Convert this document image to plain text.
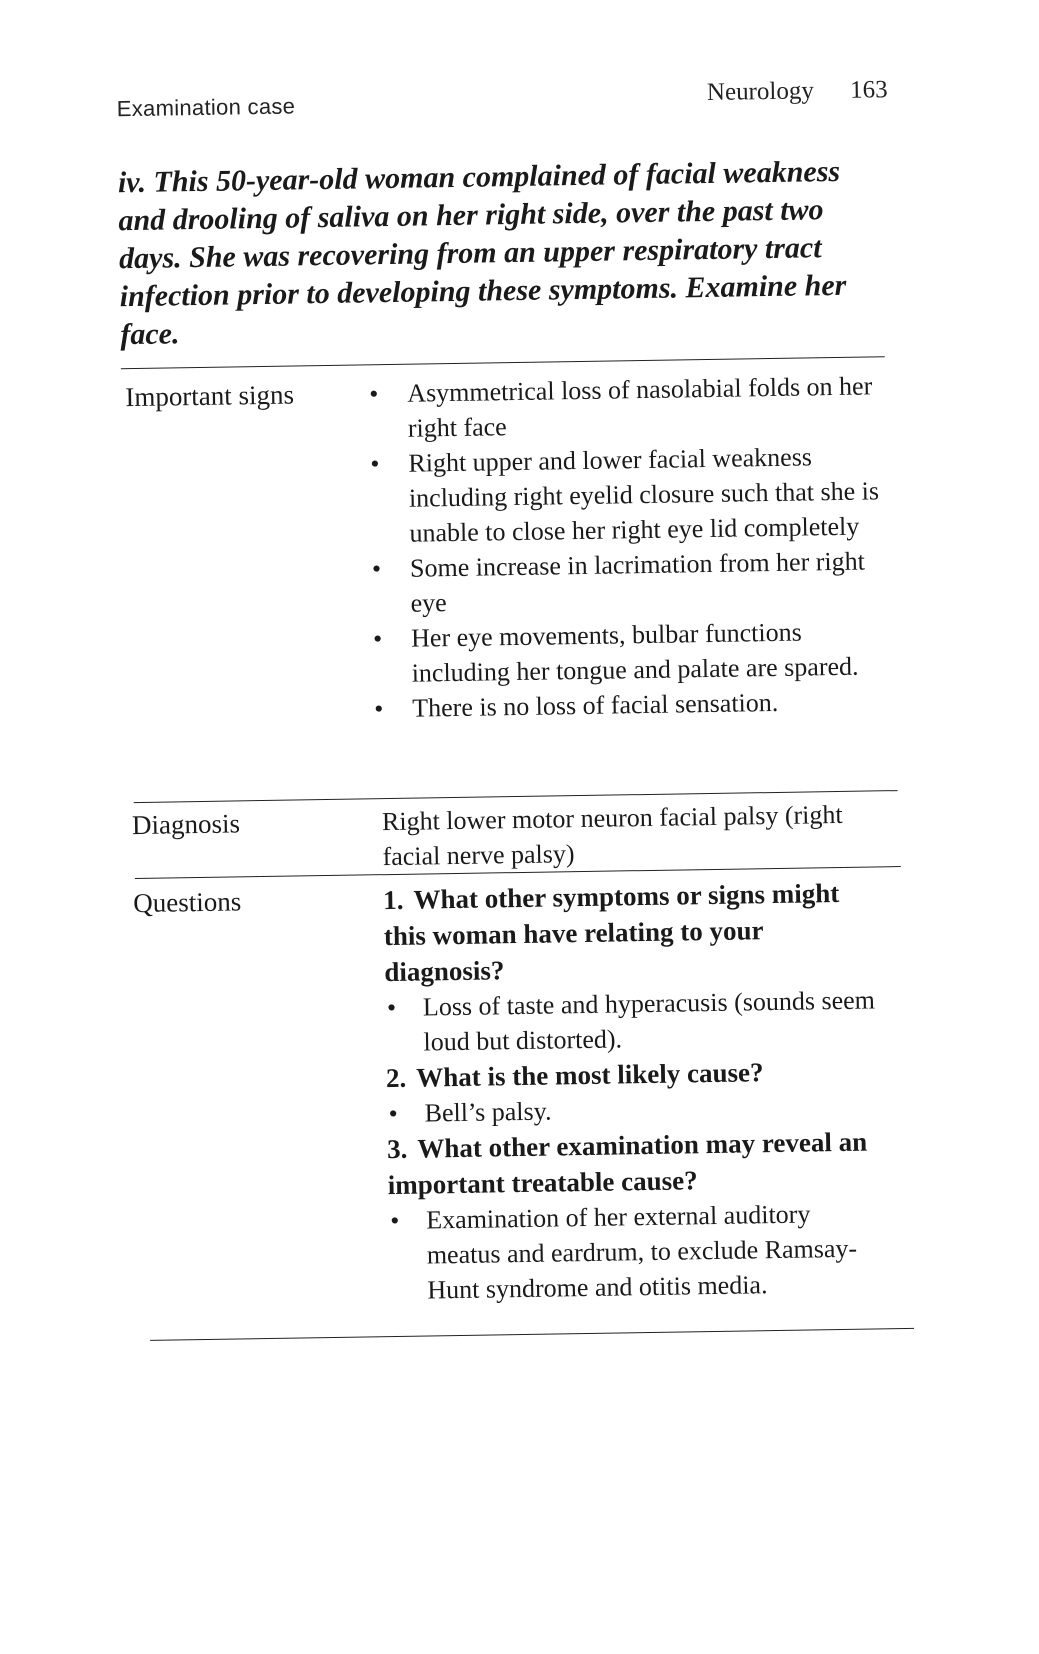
Examination case
Neurology 163
iv. This 50-year-old woman complained of facial weakness and drooling of saliva on her right side, over the past two days. She was recovering from an upper respiratory tract infection prior to developing these symptoms. Examine her face.
Important signs
•	Asymmetrical loss of nasolabial folds on her right face
• Right upper and lower facial weakness including right eyelid closure such that she is unable to close her right eye lid completely
• Some increase in lacrimation from her right eye
• Her eye movements, bulbar functions including her tongue and palate are spared.
• There is no loss of facial sensation.
Diagnosis	Right lower motor neuron facial palsy (right facial nerve palsy)
Questions	1. What other symptoms or signs might this woman have relating to your diagnosis?
• Loss of taste and hyperacusis (sounds seem loud but distorted).
2. What is the most likely cause?
• Bell’s palsy.
3. What other examination may reveal an important treatable cause?
• Examination of her external auditory meatus and eardrum, to exclude Ramsay-Hunt syndrome and otitis media.
